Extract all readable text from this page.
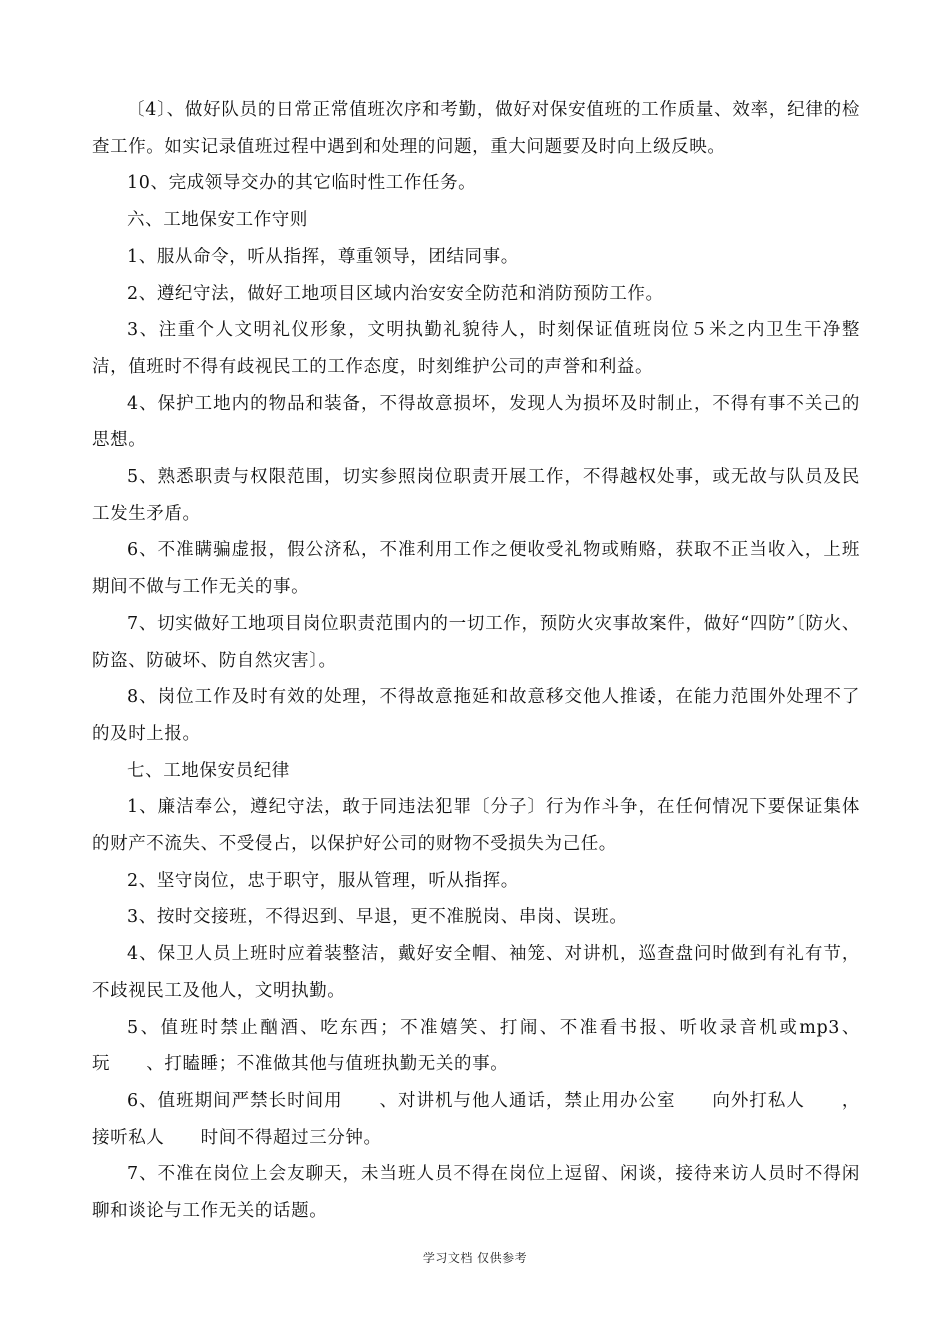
〔4〕、做好队员的日常正常值班次序和考勤，做好对保安值班的工作质量、效率，纪律的检查工作。如实记录值班过程中遇到和处理的问题，重大问题要及时向上级反映。

10、完成领导交办的其它临时性工作任务。

六、工地保安工作守则

1、服从命令，听从指挥，尊重领导，团结同事。

2、遵纪守法，做好工地项目区域内治安安全防范和消防预防工作。

3、注重个人文明礼仪形象，文明执勤礼貌待人，时刻保证值班岗位５米之内卫生干净整洁，值班时不得有歧视民工的工作态度，时刻维护公司的声誉和利益。

4、保护工地内的物品和装备，不得故意损坏，发现人为损坏及时制止，不得有事不关己的思想。

5、熟悉职责与权限范围，切实参照岗位职责开展工作，不得越权处事，或无故与队员及民工发生矛盾。

6、不准瞒骗虚报，假公济私，不准利用工作之便收受礼物或贿赂，获取不正当收入，上班期间不做与工作无关的事。

7、切实做好工地项目岗位职责范围内的一切工作，预防火灾事故案件，做好“四防”〔防火、防盗、防破坏、防自然灾害〕。

8、岗位工作及时有效的处理，不得故意拖延和故意移交他人推诿，在能力范围外处理不了的及时上报。

七、工地保安员纪律

1、廉洁奉公，遵纪守法，敢于同违法犯罪〔分子〕行为作斗争，在任何情况下要保证集体的财产不流失、不受侵占，以保护好公司的财物不受损失为己任。

2、坚守岗位，忠于职守，服从管理，听从指挥。

3、按时交接班，不得迟到、早退，更不准脱岗、串岗、误班。

4、保卫人员上班时应着装整洁，戴好安全帽、袖笼、对讲机，巡查盘问时做到有礼有节，不歧视民工及他人，文明执勤。

5、值班时禁止酗酒、吃东西；不准嬉笑、打闹、不准看书报、听收录音机或mp3、玩　　、打瞌睡；不准做其他与值班执勤无关的事。

6、值班期间严禁长时间用　　、对讲机与他人通话，禁止用办公室　　向外打私人　　，接听私人　　时间不得超过三分钟。

7、不准在岗位上会友聊天，未当班人员不得在岗位上逗留、闲谈，接待来访人员时不得闲聊和谈论与工作无关的话题。

学习文档 仅供参考
